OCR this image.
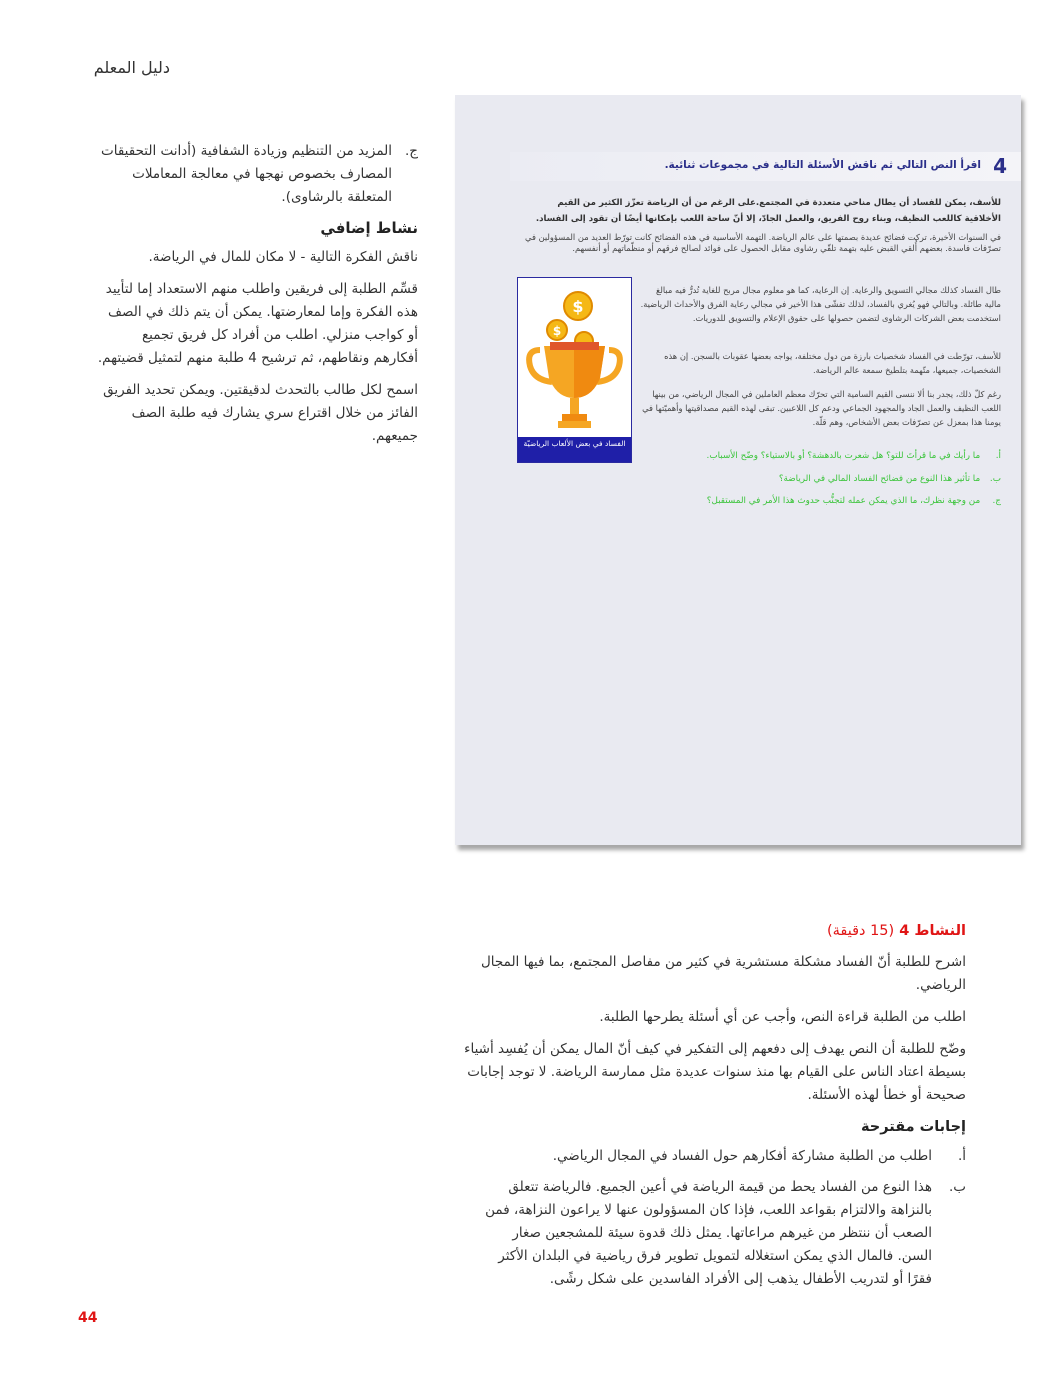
دليل المعلم
ج.
المزيد من التنظيم وزيادة الشفافية (أدانت التحقيقات المصارف بخصوص نهجها في معالجة المعاملات المتعلقة بالرشاوى).
نشاط إضافي

ناقش الفكرة التالية - لا مكان للمال في الرياضة.

قسِّم الطلبة إلى فريقين واطلب منهم الاستعداد إما لتأييد هذه الفكرة وإما لمعارضتها. يمكن أن يتم ذلك في الصف أو كواجب منزلي. اطلب من أفراد كل فريق تجميع أفكارهم ونقاطهم، ثم ترشيح 4 طلبة منهم لتمثيل قضيتهم.

اسمح لكل طالب بالتحدث لدقيقتين. ويمكن تحديد الفريق الفائز من خلال اقتراع سري يشارك فيه طلبة الصف جميعهم.

4
اقرأ النص التالي ثم ناقش الأسئلة التالية في مجموعات ثنائية.
للأسف، يمكن للفساد أن يطال مناحي متعددة في المجتمع.على الرغم من أن الرياضة تعزّز الكثير من القيم الأخلاقية كاللعب النظيف، وبناء روح الفريق، والعمل الجادّ، إلا أنّ ساحة اللعب بإمكانها أيضًا أن تقود إلى الفساد.
في السنوات الأخيرة، تركت فضائح عديدة بصمتها على عالم الرياضة. التهمة الأساسية في هذه الفضائح كانت تورّط العديد من المسؤولين في تصرّفات فاسدة. بعضهم أُلقي القبض عليه بتهمة تلقّي رشاوى مقابل الحصول على فوائد لصالح فرقهم أو منظّماتهم أو أنفسهم.
طال الفساد كذلك مجالي التسويق والرعاية. إن الرعاية، كما هو معلوم مجال مربح للغاية تُدرُّ فيه مبالغ مالية طائلة. وبالتالي فهو يُغري بالفساد، لذلك تفشّى هذا الأخير في مجالي رعاية الفرق والأحداث الرياضية. استخدمت بعض الشركات الرشاوى لتضمن حصولها على حقوق الإعلام والتسويق للدوريات.
للأسف، تورّطت في الفساد شخصيات بارزة من دول مختلفة، يواجه بعضها عقوبات بالسجن. إن هذه الشخصيات، جميعها، متّهمة بتلطيخ سمعة عالم الرياضة.
رغم كلّ ذلك، يجدر بنا ألا ننسى القيم السامية التي تحرّك معظم العاملين في المجال الرياضي، من بينها اللعب النظيف والعمل الجاد والمجهود الجماعي ودعم كل اللاعبين. تبقى لهذه القيم مصداقيتها وأهميّتها في يومنا هذا بمعزل عن تصرّفات بعض الأشخاص، وهم قلّة.
أ. ما رأيك في ما قرأتَ للتو؟ هل شعرت بالدهشة؟ أو بالاستياء؟ وضّح الأسباب.
ب. ما تأثير هذا النوع من فضائح الفساد المالي في الرياضة؟
ج. من وجهة نظرك، ما الذي يمكن عمله لتجنُّب حدوث هذا الأمر في المستقبل؟
$
$
الفساد في بعض الألعاب الرياضيّة
النشاط 4 (15 دقيقة)

اشرح للطلبة أنّ الفساد مشكلة مستشرية في كثير من مفاصل المجتمع، بما فيها المجال الرياضي.

اطلب من الطلبة قراءة النص، وأجب عن أي أسئلة يطرحها الطلبة.

وضّح للطلبة أن النص يهدف إلى دفعهم إلى التفكير في كيف أنّ المال يمكن أن يُفسِد أشياء بسيطة اعتاد الناس على القيام بها منذ سنوات عديدة مثل ممارسة الرياضة. لا توجد إجابات صحيحة أو خطأ لهذه الأسئلة.

إجابات مقترحة
أ.
اطلب من الطلبة مشاركة أفكارهم حول الفساد في المجال الرياضي.
ب.
هذا النوع من الفساد يحط من قيمة الرياضة في أعين الجميع. فالرياضة تتعلق بالنزاهة والالتزام بقواعد اللعب، فإذا كان المسؤولون عنها لا يراعون النزاهة، فمن الصعب أن ننتظر من غيرهم مراعاتها. يمثل ذلك قدوة سيئة للمشجعين صغار السن. فالمال الذي يمكن استغلاله لتمويل تطوير فرق رياضية في البلدان الأكثر فقرًا أو لتدريب الأطفال يذهب إلى الأفراد الفاسدين على شكل رشًى.
44
